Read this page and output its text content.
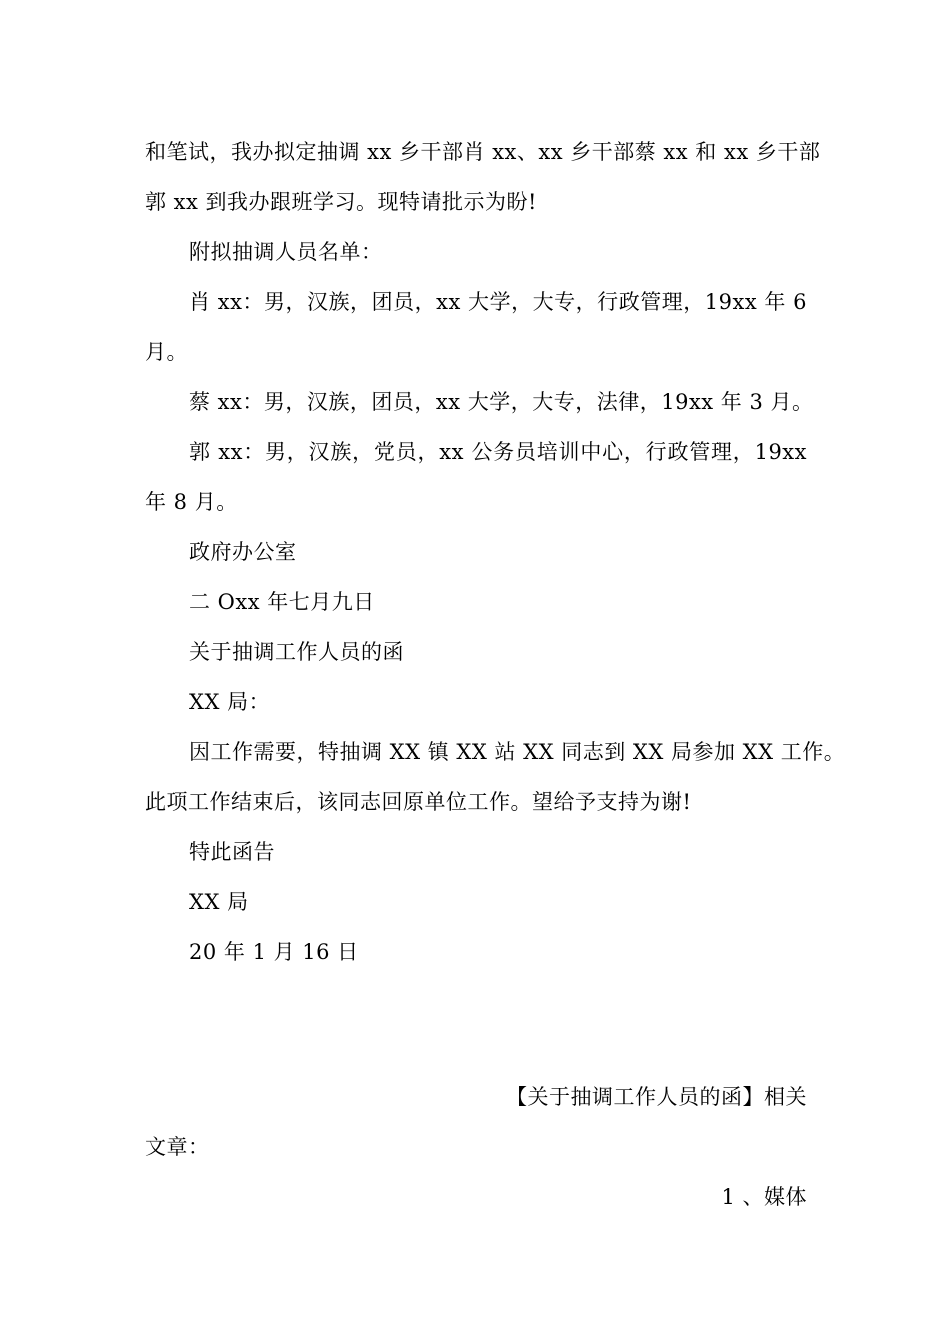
和笔试，我办拟定抽调 xx 乡干部肖 xx、xx 乡干部蔡 xx 和 xx 乡干部
郭 xx 到我办跟班学习。现特请批示为盼!
附拟抽调人员名单：
肖 xx：男，汉族，团员，xx 大学，大专，行政管理，19xx 年 6
月。
蔡 xx：男，汉族，团员，xx 大学，大专，法律，19xx 年 3 月。
郭 xx：男，汉族，党员，xx 公务员培训中心，行政管理，19xx
年 8 月。
政府办公室
二 Oxx 年七月九日
关于抽调工作人员的函
XX 局：
因工作需要，特抽调 XX 镇 XX 站 XX 同志到 XX 局参加 XX 工作。
此项工作结束后，该同志回原单位工作。望给予支持为谢!
特此函告
XX 局
20 年 1 月 16 日
【关于抽调工作人员的函】相关
文章：
1 、媒体
